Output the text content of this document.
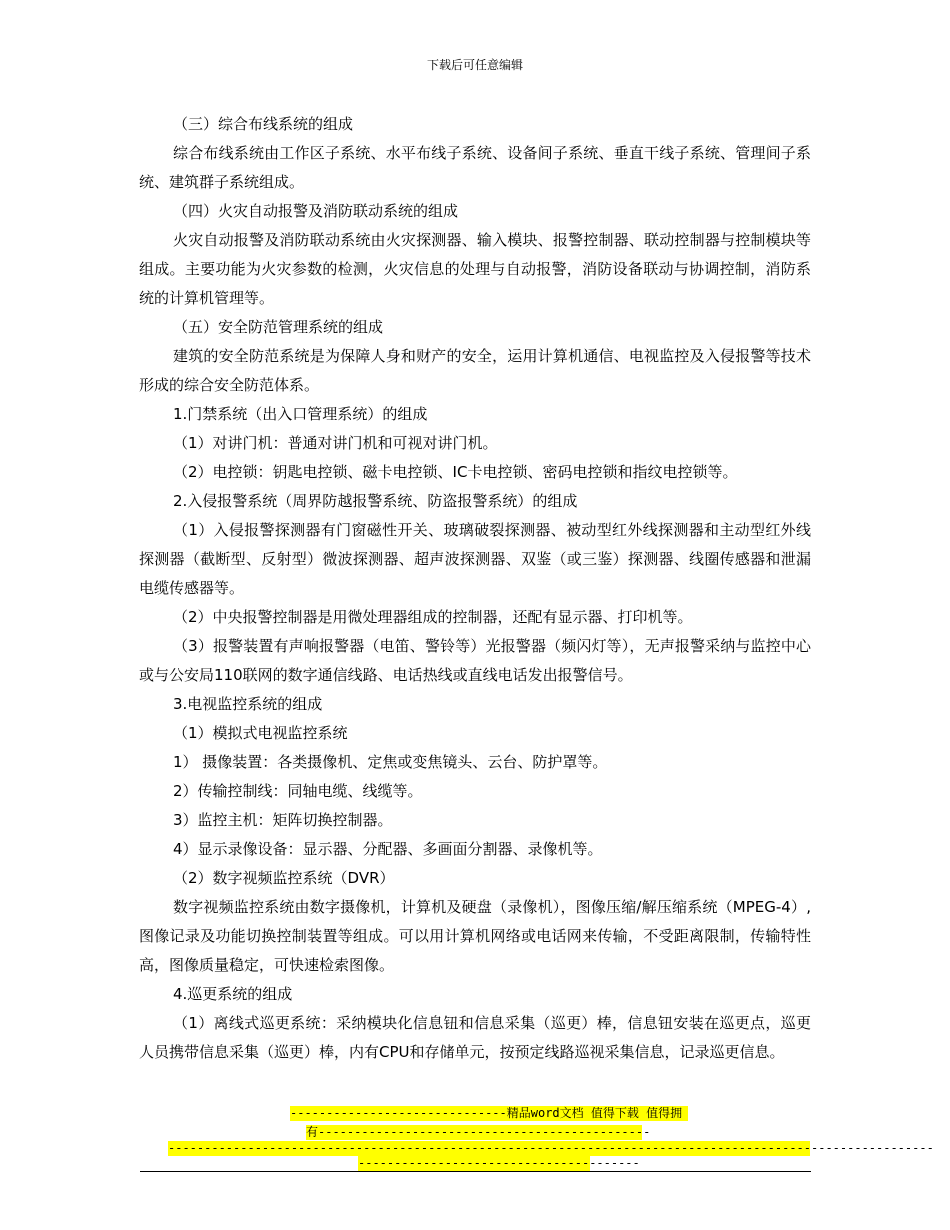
下载后可任意编辑

（三）综合布线系统的组成

综合布线系统由工作区子系统、水平布线子系统、设备间子系统、垂直干线子系统、管理间子系统、建筑群子系统组成。

（四）火灾自动报警及消防联动系统的组成

火灾自动报警及消防联动系统由火灾探测器、输入模块、报警控制器、联动控制器与控制模块等组成。主要功能为火灾参数的检测，火灾信息的处理与自动报警，消防设备联动与协调控制，消防系统的计算机管理等。

（五）安全防范管理系统的组成

建筑的安全防范系统是为保障人身和财产的安全，运用计算机通信、电视监控及入侵报警等技术形成的综合安全防范体系。

1.门禁系统（出入口管理系统）的组成

（1）对讲门机：普通对讲门机和可视对讲门机。

（2）电控锁：钥匙电控锁、磁卡电控锁、IC卡电控锁、密码电控锁和指纹电控锁等。

2.入侵报警系统（周界防越报警系统、防盗报警系统）的组成

（1）入侵报警探测器有门窗磁性开关、玻璃破裂探测器、被动型红外线探测器和主动型红外线探测器（截断型、反射型）微波探测器、超声波探测器、双鉴（或三鉴）探测器、线圈传感器和泄漏电缆传感器等。

（2）中央报警控制器是用微处理器组成的控制器，还配有显示器、打印机等。

（3）报警装置有声响报警器（电笛、警铃等）光报警器（频闪灯等），无声报警采纳与监控中心或与公安局110联网的数字通信线路、电话热线或直线电话发出报警信号。

3.电视监控系统的组成

（1）模拟式电视监控系统

1） 摄像装置：各类摄像机、定焦或变焦镜头、云台、防护罩等。

2）传输控制线：同轴电缆、线缆等。

3）监控主机：矩阵切换控制器。

4）显示录像设备：显示器、分配器、多画面分割器、录像机等。

（2）数字视频监控系统（DVR）

数字视频监控系统由数字摄像机，计算机及硬盘（录像机），图像压缩/解压缩系统（MPEG-4）,图像记录及功能切换控制装置等组成。可以用计算机网络或电话网来传输，不受距离限制，传输特性高，图像质量稳定，可快速检索图像。

4.巡更系统的组成

（1）离线式巡更系统：采纳模块化信息钮和信息采集（巡更）棒，信息钮安装在巡更点，巡更人员携带信息采集（巡更）棒，内有CPU和存储单元，按预定线路巡视采集信息，记录巡更信息。

------------------------------精品word文档 值得下载 值得拥
有----------------------------------------------
----------------------------------------------------------------------------------------------------------
---------------------------------------
